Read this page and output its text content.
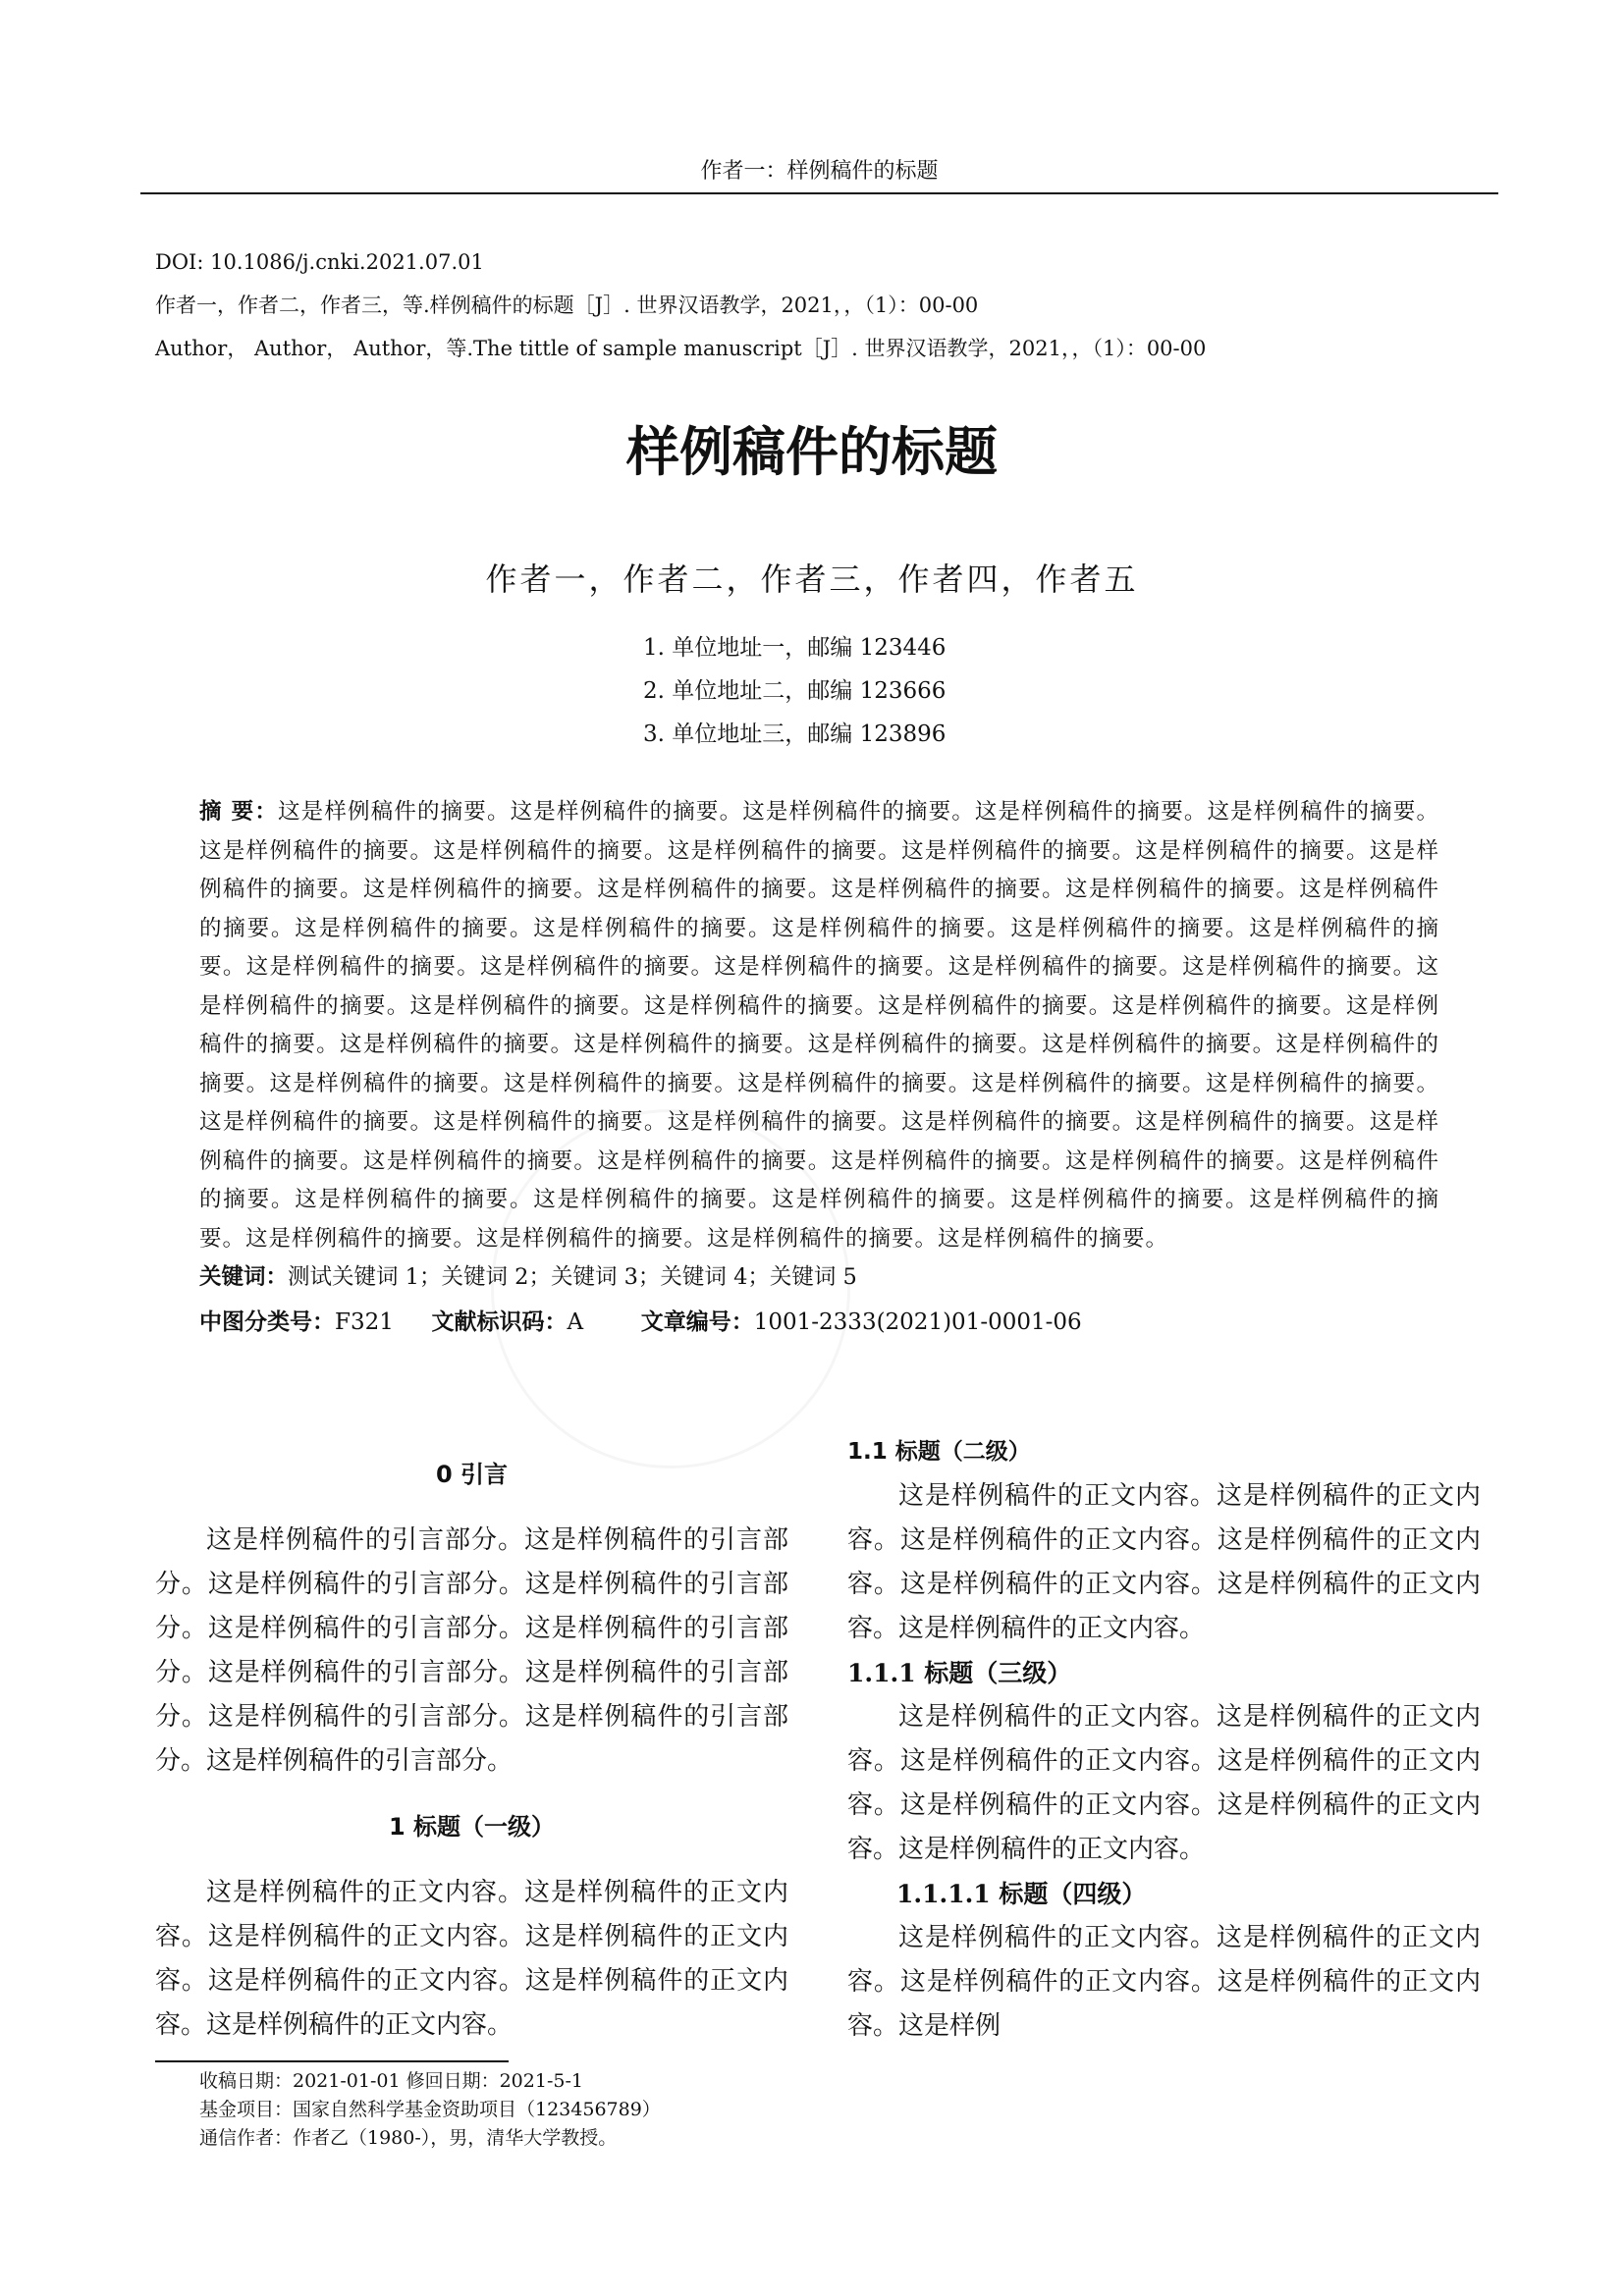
作者一：样例稿件的标题
DOI: 10.1086/j.cnki.2021.07.01
作者一，作者二，作者三，等.样例稿件的标题［J］. 世界汉语教学，2021，，（1）：00-00
Author， Author， Author，等.The tittle of sample manuscript［J］. 世界汉语教学，2021，，（1）：00-00
样例稿件的标题
作者一，作者二，作者三，作者四，作者五
1. 单位地址一，邮编 123446
2. 单位地址二，邮编 123666
3. 单位地址三，邮编 123896
摘 要：这是样例稿件的摘要。这是样例稿件的摘要。这是样例稿件的摘要。这是样例稿件的摘要。这是样例稿件的摘要。这是样例稿件的摘要。这是样例稿件的摘要。这是样例稿件的摘要。这是样例稿件的摘要。这是样例稿件的摘要。这是样例稿件的摘要。这是样例稿件的摘要。这是样例稿件的摘要。这是样例稿件的摘要。这是样例稿件的摘要。这是样例稿件的摘要。这是样例稿件的摘要。这是样例稿件的摘要。这是样例稿件的摘要。这是样例稿件的摘要。这是样例稿件的摘要。这是样例稿件的摘要。这是样例稿件的摘要。这是样例稿件的摘要。这是样例稿件的摘要。这是样例稿件的摘要。这是样例稿件的摘要。这是样例稿件的摘要。这是样例稿件的摘要。这是样例稿件的摘要。这是样例稿件的摘要。这是样例稿件的摘要。这是样例稿件的摘要。这是样例稿件的摘要。这是样例稿件的摘要。这是样例稿件的摘要。这是样例稿件的摘要。这是样例稿件的摘要。这是样例稿件的摘要。这是样例稿件的摘要。这是样例稿件的摘要。这是样例稿件的摘要。这是样例稿件的摘要。这是样例稿件的摘要。这是样例稿件的摘要。这是样例稿件的摘要。这是样例稿件的摘要。这是样例稿件的摘要。这是样例稿件的摘要。这是样例稿件的摘要。这是样例稿件的摘要。这是样例稿件的摘要。这是样例稿件的摘要。这是样例稿件的摘要。这是样例稿件的摘要。这是样例稿件的摘要。这是样例稿件的摘要。这是样例稿件的摘要。这是样例稿件的摘要。这是样例稿件的摘要。这是样例稿件的摘要。这是样例稿件的摘要。
关键词：测试关键词 1；关键词 2；关键词 3；关键词 4；关键词 5
中图分类号：F321 文献标识码：A	文章编号：1001-2333(2021)01-0001-06
0 引言

这是样例稿件的引言部分。这是样例稿件的引言部分。这是样例稿件的引言部分。这是样例稿件的引言部分。这是样例稿件的引言部分。这是样例稿件的引言部分。这是样例稿件的引言部分。这是样例稿件的引言部分。这是样例稿件的引言部分。这是样例稿件的引言部分。这是样例稿件的引言部分。

1 标题（一级）

这是样例稿件的正文内容。这是样例稿件的正文内容。这是样例稿件的正文内容。这是样例稿件的正文内容。这是样例稿件的正文内容。这是样例稿件的正文内容。这是样例稿件的正文内容。

1.1 标题（二级）

这是样例稿件的正文内容。这是样例稿件的正文内容。这是样例稿件的正文内容。这是样例稿件的正文内容。这是样例稿件的正文内容。这是样例稿件的正文内容。这是样例稿件的正文内容。

1.1.1 标题（三级）

这是样例稿件的正文内容。这是样例稿件的正文内容。这是样例稿件的正文内容。这是样例稿件的正文内容。这是样例稿件的正文内容。这是样例稿件的正文内容。这是样例稿件的正文内容。

1.1.1.1 标题（四级）

这是样例稿件的正文内容。这是样例稿件的正文内容。这是样例稿件的正文内容。这是样例稿件的正文内容。这是样例

收稿日期：2021-01-01 修回日期：2021-5-1
基金项目：国家自然科学基金资助项目（123456789）
通信作者：作者乙（1980-），男，清华大学教授。
